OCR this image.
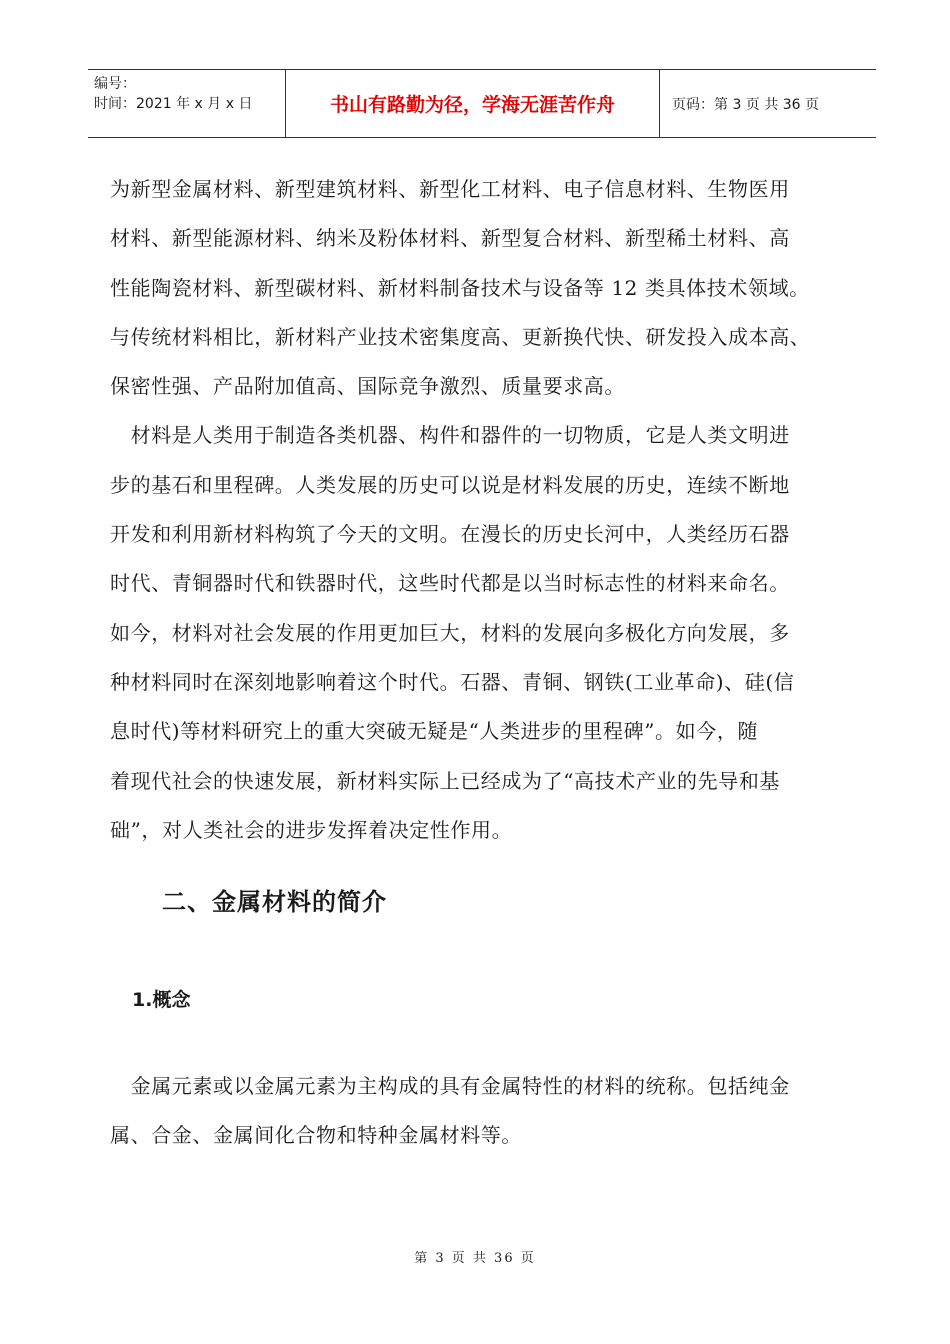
编号：
时间：2021 年 x 月 x 日	书山有路勤为径，学海无涯苦作舟	页码：第 3 页 共 36 页
为新型金属材料、新型建筑材料、新型化工材料、电子信息材料、生物医用
材料、新型能源材料、纳米及粉体材料、新型复合材料、新型稀土材料、高
性能陶瓷材料、新型碳材料、新材料制备技术与设备等 12 类具体技术领域。
与传统材料相比，新材料产业技术密集度高、更新换代快、研发投入成本高、
保密性强、产品附加值高、国际竞争激烈、质量要求高。
　材料是人类用于制造各类机器、构件和器件的一切物质，它是人类文明进
步的基石和里程碑。人类发展的历史可以说是材料发展的历史，连续不断地
开发和利用新材料构筑了今天的文明。在漫长的历史长河中，人类经历石器
时代、青铜器时代和铁器时代，这些时代都是以当时标志性的材料来命名。
如今，材料对社会发展的作用更加巨大，材料的发展向多极化方向发展，多
种材料同时在深刻地影响着这个时代。石器、青铜、钢铁(工业革命)、硅(信
息时代)等材料研究上的重大突破无疑是“人类进步的里程碑”。如今，随
着现代社会的快速发展，新材料实际上已经成为了“高技术产业的先导和基
础”，对人类社会的进步发挥着决定性作用。
二、金属材料的简介
1.概念
　金属元素或以金属元素为主构成的具有金属特性的材料的统称。包括纯金
属、合金、金属间化合物和特种金属材料等。
第 3 页 共 36 页
